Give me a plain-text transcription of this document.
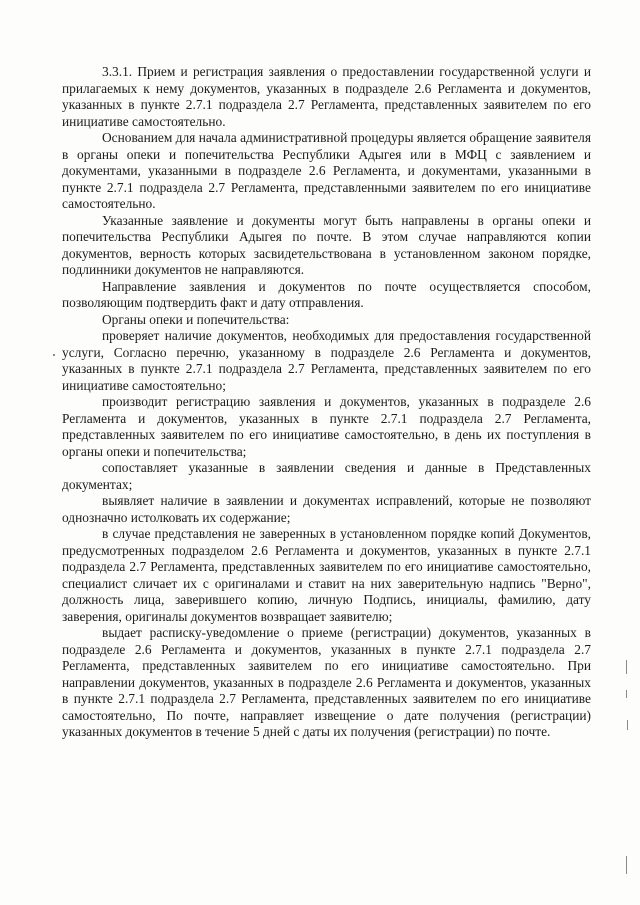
3.3.1. Прием и регистрация заявления о предоставлении государственной услуги и прилагаемых к нему документов, указанных в подразделе 2.6 Регламента и документов, указанных в пункте 2.7.1 подраздела 2.7 Регламента, представленных заявителем по его инициативе самостоятельно.

Основанием для начала административной процедуры является обращение заявителя в органы опеки и попечительства Республики Адыгея или в МФЦ с заявлением и документами, указанными в подразделе 2.6 Регламента, и документами, указанными в пункте 2.7.1 подраздела 2.7 Регламента, представленными заявителем по его инициативе самостоятельно.

Указанные заявление и документы могут быть направлены в органы опеки и попечительства Республики Адыгея по почте. В этом случае направляются копии документов, верность которых засвидетельствована в установленном законом порядке, подлинники документов не направляются.

Направление заявления и документов по почте осуществляется способом, позволяющим подтвердить факт и дату отправления.

Органы опеки и попечительства:

проверяет наличие документов, необходимых для предоставления государственной услуги, Согласно перечню, указанному в подразделе 2.6 Регламента и документов, указанных в пункте 2.7.1 подраздела 2.7 Регламента, представленных заявителем по его инициативе самостоятельно;

производит регистрацию заявления и документов, указанных в подразделе 2.6 Регламента и документов, указанных в пункте 2.7.1 подраздела 2.7 Регламента, представленных заявителем по его инициативе самостоятельно, в день их поступления в органы опеки и попечительства;

сопоставляет указанные в заявлении сведения и данные в Представленных документах;

выявляет наличие в заявлении и документах исправлений, которые не позволяют однозначно истолковать их содержание;

в случае представления не заверенных в установленном порядке копий Документов, предусмотренных подразделом 2.6 Регламента и документов, указанных в пункте 2.7.1 подраздела 2.7 Регламента, представленных заявителем по его инициативе самостоятельно, специалист сличает их с оригиналами и ставит на них заверительную надпись "Верно", должность лица, заверившего копию, личную Подпись, инициалы, фамилию, дату заверения, оригиналы документов возвращает заявителю;

выдает расписку-уведомление о приеме (регистрации) документов, указанных в подразделе 2.6 Регламента и документов, указанных в пункте 2.7.1 подраздела 2.7 Регламента, представленных заявителем по его инициативе самостоятельно. При направлении документов, указанных в подразделе 2.6 Регламента и документов, указанных в пункте 2.7.1 подраздела 2.7 Регламента, представленных заявителем по его инициативе самостоятельно, По почте, направляет извещение о дате получения (регистрации) указанных документов в течение 5 дней с даты их получения (регистрации) по почте.
